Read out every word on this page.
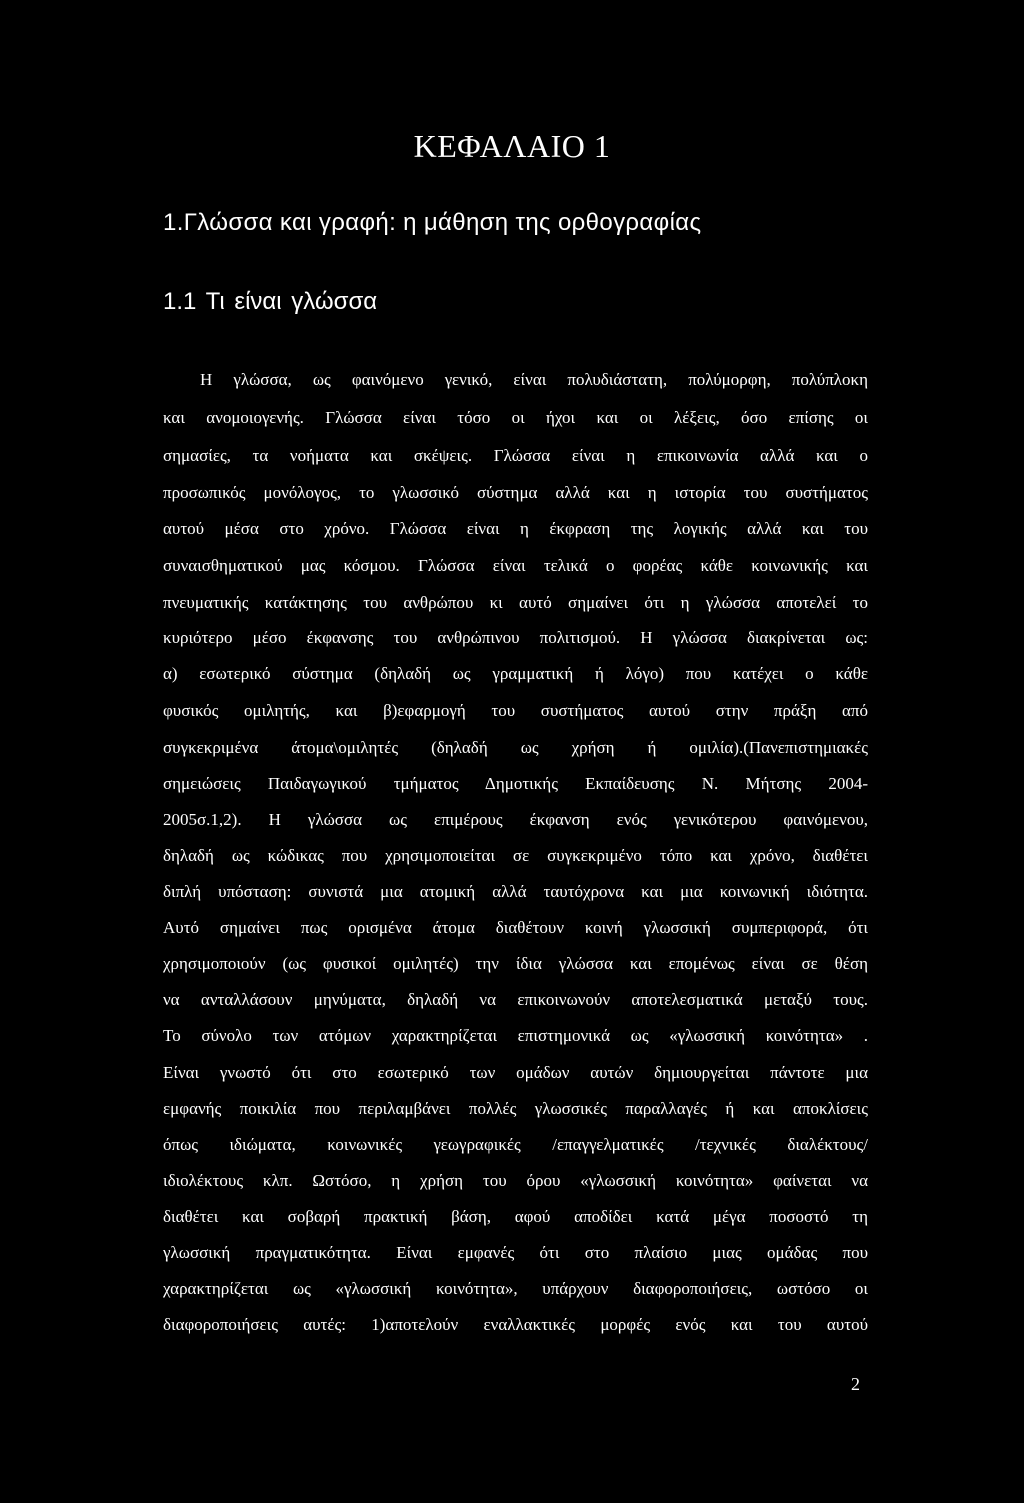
ΚΕΦΑΛΑΙΟ 1
1.Γλώσσα και γραφή: η μάθηση της ορθογραφίας
1.1 Τι είναι γλώσσα
Η γλώσσα, ως φαινόμενο γενικό, είναι πολυδιάστατη, πολύμορφη, πολύπλοκη
και ανομοιογενής. Γλώσσα είναι τόσο οι ήχοι και οι λέξεις, όσο επίσης οι
σημασίες, τα νοήματα και σκέψεις. Γλώσσα είναι η επικοινωνία αλλά και ο
προσωπικός μονόλογος, το γλωσσικό σύστημα αλλά και η ιστορία του συστήματος
αυτού μέσα στο χρόνο. Γλώσσα είναι η έκφραση της λογικής αλλά και του
συναισθηματικού μας κόσμου. Γλώσσα είναι τελικά ο φορέας κάθε κοινωνικής και
πνευματικής κατάκτησης του ανθρώπου κι αυτό σημαίνει ότι η γλώσσα αποτελεί το
κυριότερο μέσο έκφανσης του ανθρώπινου πολιτισμού. Η γλώσσα διακρίνεται ως:
α) εσωτερικό σύστημα (δηλαδή ως γραμματική ή λόγο) που κατέχει ο κάθε
φυσικός ομιλητής, και β)εφαρμογή του συστήματος αυτού στην πράξη από
συγκεκριμένα άτομα\ομιλητές (δηλαδή ως χρήση ή ομιλία).(Πανεπιστημιακές
σημειώσεις Παιδαγωγικού τμήματος Δημοτικής Εκπαίδευσης Ν. Μήτσης 2004-
2005σ.1,2). Η γλώσσα ως επιμέρους έκφανση ενός γενικότερου φαινόμενου,
δηλαδή ως κώδικας που χρησιμοποιείται σε συγκεκριμένο τόπο και χρόνο, διαθέτει
διπλή υπόσταση: συνιστά μια ατομική αλλά ταυτόχρονα και μια κοινωνική ιδιότητα.
Αυτό σημαίνει πως ορισμένα άτομα διαθέτουν κοινή γλωσσική συμπεριφορά, ότι
χρησιμοποιούν (ως φυσικοί ομιλητές) την ίδια γλώσσα και επομένως είναι σε θέση
να ανταλλάσουν μηνύματα, δηλαδή να επικοινωνούν αποτελεσματικά μεταξύ τους.
Το σύνολο των ατόμων χαρακτηρίζεται επιστημονικά ως «γλωσσική κοινότητα» .
Είναι γνωστό ότι στο εσωτερικό των ομάδων αυτών δημιουργείται πάντοτε μια
εμφανής ποικιλία που περιλαμβάνει πολλές γλωσσικές παραλλαγές ή και αποκλίσεις
όπως ιδιώματα, κοινωνικές γεωγραφικές /επαγγελματικές /τεχνικές διαλέκτους/
ιδιολέκτους κλπ. Ωστόσο, η χρήση του όρου «γλωσσική κοινότητα» φαίνεται να
διαθέτει και σοβαρή πρακτική βάση, αφού αποδίδει κατά μέγα ποσοστό τη
γλωσσική πραγματικότητα. Είναι εμφανές ότι στο πλαίσιο μιας ομάδας που
χαρακτηρίζεται ως «γλωσσική κοινότητα», υπάρχουν διαφοροποιήσεις, ωστόσο οι
διαφοροποιήσεις αυτές: 1)αποτελούν εναλλακτικές μορφές ενός και του αυτού
2
